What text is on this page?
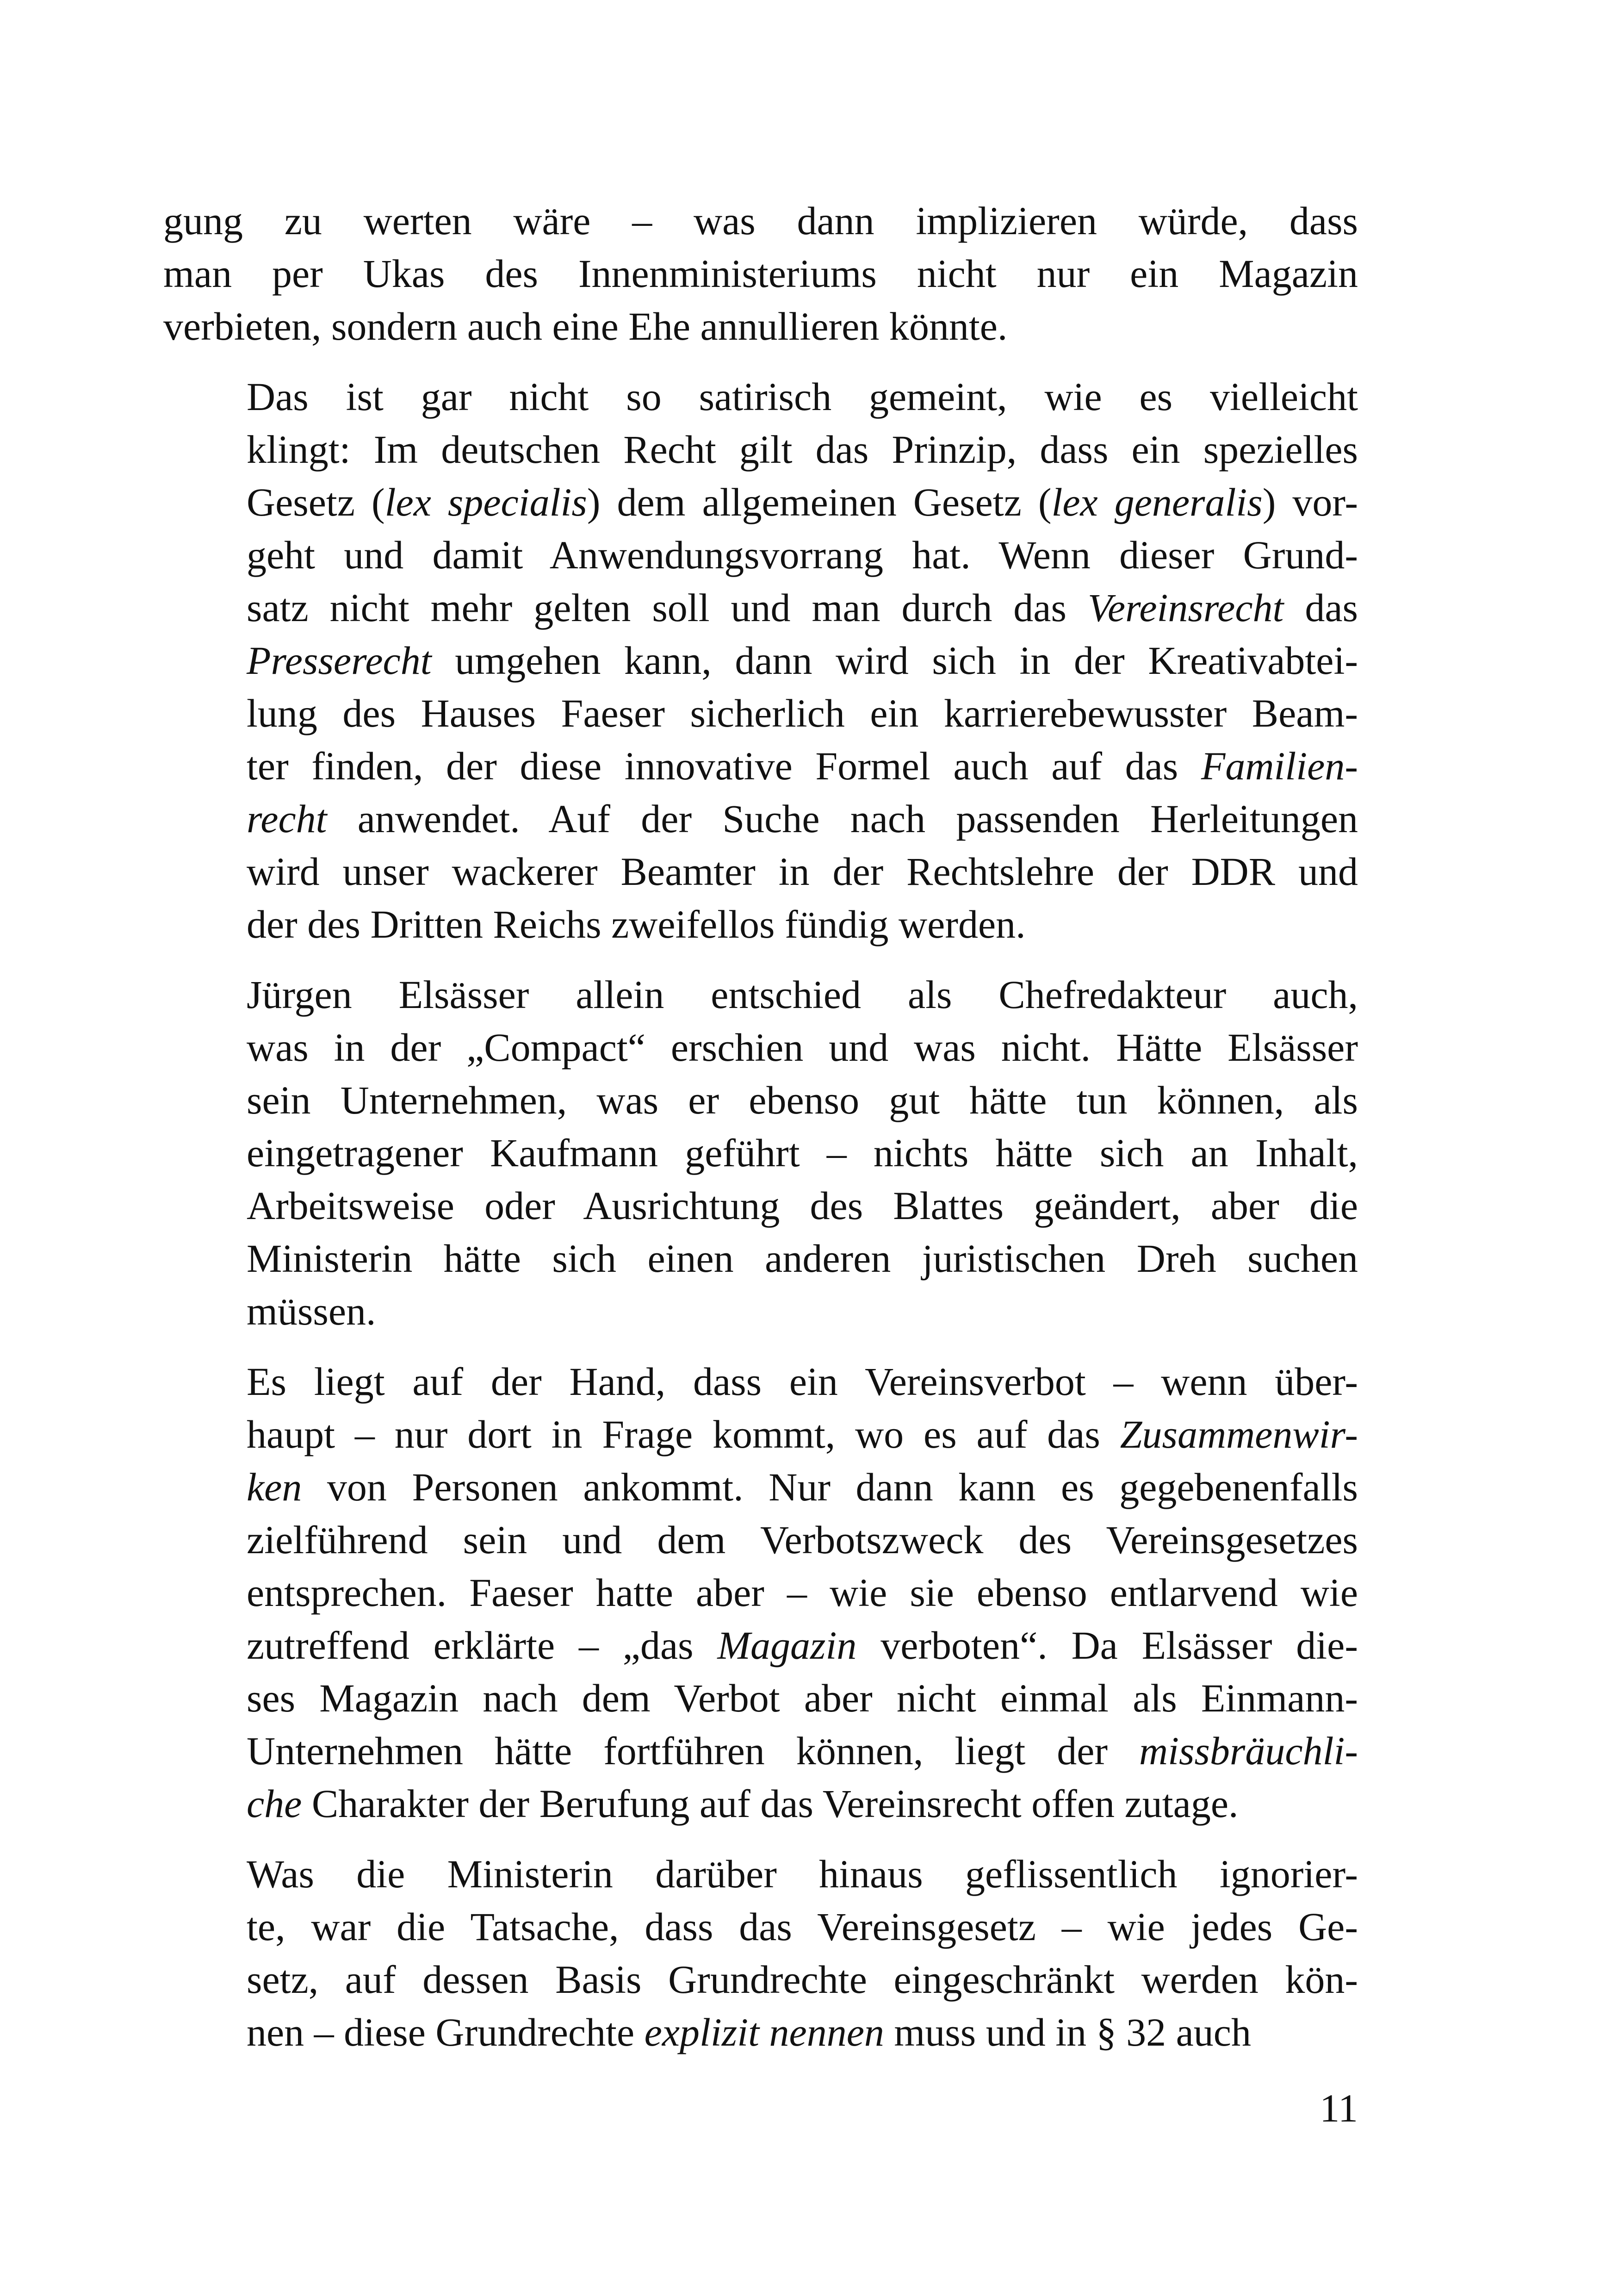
gung zu werten wäre – was dann implizieren würde, dass
man per Ukas des Innenministeriums nicht nur ein Magazin
verbieten, sondern auch eine Ehe annullieren könnte.

Das ist gar nicht so satirisch gemeint, wie es vielleicht
klingt: Im deutschen Recht gilt das Prinzip, dass ein spezielles
Gesetz (lex specialis) dem allgemeinen Gesetz (lex generalis) vor-
geht und damit Anwendungsvorrang hat. Wenn dieser Grund-
satz nicht mehr gelten soll und man durch das Vereinsrecht das
Presserecht umgehen kann, dann wird sich in der Kreativabtei-
lung des Hauses Faeser sicherlich ein karrierebewusster Beam-
ter finden, der diese innovative Formel auch auf das Familien-
recht anwendet. Auf der Suche nach passenden Herleitungen
wird unser wackerer Beamter in der Rechtslehre der DDR und
der des Dritten Reichs zweifellos fündig werden.

Jürgen Elsässer allein entschied als Chefredakteur auch,
was in der „Compact“ erschien und was nicht. Hätte Elsässer
sein Unternehmen, was er ebenso gut hätte tun können, als
eingetragener Kaufmann geführt – nichts hätte sich an Inhalt,
Arbeitsweise oder Ausrichtung des Blattes geändert, aber die
Ministerin hätte sich einen anderen juristischen Dreh suchen
müssen.

Es liegt auf der Hand, dass ein Vereinsverbot – wenn über-
haupt – nur dort in Frage kommt, wo es auf das Zusammenwir-
ken von Personen ankommt. Nur dann kann es gegebenenfalls
zielführend sein und dem Verbotszweck des Vereinsgesetzes
entsprechen. Faeser hatte aber – wie sie ebenso entlarvend wie
zutreffend erklärte – „das Magazin verboten“. Da Elsässer die-
ses Magazin nach dem Verbot aber nicht einmal als Einmann-
Unternehmen hätte fortführen können, liegt der missbräuchli-
che Charakter der Berufung auf das Vereinsrecht offen zutage.

Was die Ministerin darüber hinaus geflissentlich ignorier-
te, war die Tatsache, dass das Vereinsgesetz – wie jedes Ge-
setz, auf dessen Basis Grundrechte eingeschränkt werden kön-
nen – diese Grundrechte explizit nennen muss und in § 32 auch

11
